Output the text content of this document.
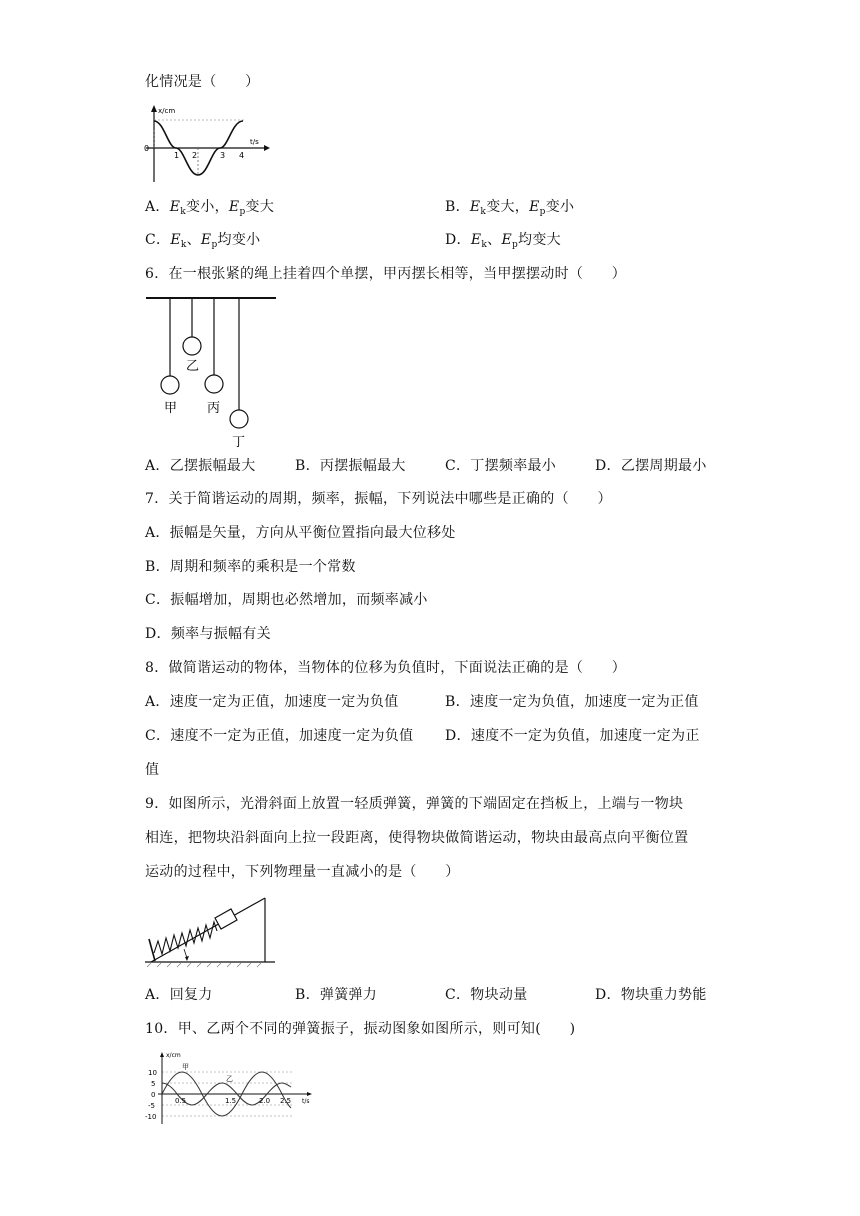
化情况是（　　）
x/cm
t/s
0
1 2	3 4
A．$E_k$变小，$E_p$变大	B．$E_k$变大，$E_p$变小
C．$E_k$、$E_p$均变小	D．$E_k$、$E_p$均变大
6．在一根张紧的绳上挂着四个单摆，甲丙摆长相等，当甲摆摆动时（　　）
甲
乙
丙
丁
A．乙摆振幅最大	B．丙摆振幅最大	C．丁摆频率最小	D．乙摆周期最小
7．关于简谐运动的周期，频率，振幅，下列说法中哪些是正确的（　　）
A．振幅是矢量，方向从平衡位置指向最大位移处
B．周期和频率的乘积是一个常数
C．振幅增加，周期也必然增加，而频率减小
D．频率与振幅有关
8．做简谐运动的物体，当物体的位移为负值时，下面说法正确的是（　　）
A．速度一定为正值，加速度一定为负值	B．速度一定为负值，加速度一定为正值
C．速度不一定为正值，加速度一定为负值 D．速度不一定为负值，加速度一定为正
值
9．如图所示，光滑斜面上放置一轻质弹簧，弹簧的下端固定在挡板上，上端与一物块
相连，把物块沿斜面向上拉一段距离，使得物块做简谐运动，物块由最高点向平衡位置
运动的过程中，下列物理量一直减小的是（　　）
A．回复力	B．弹簧弹力	C．物块动量	D．物块重力势能
10．甲、乙两个不同的弹簧振子，振动图象如图所示，则可知(　　)
x/cm
t/s
10
5
0
-5
-10
0.5	1.5	2.0 2.5
甲
乙
